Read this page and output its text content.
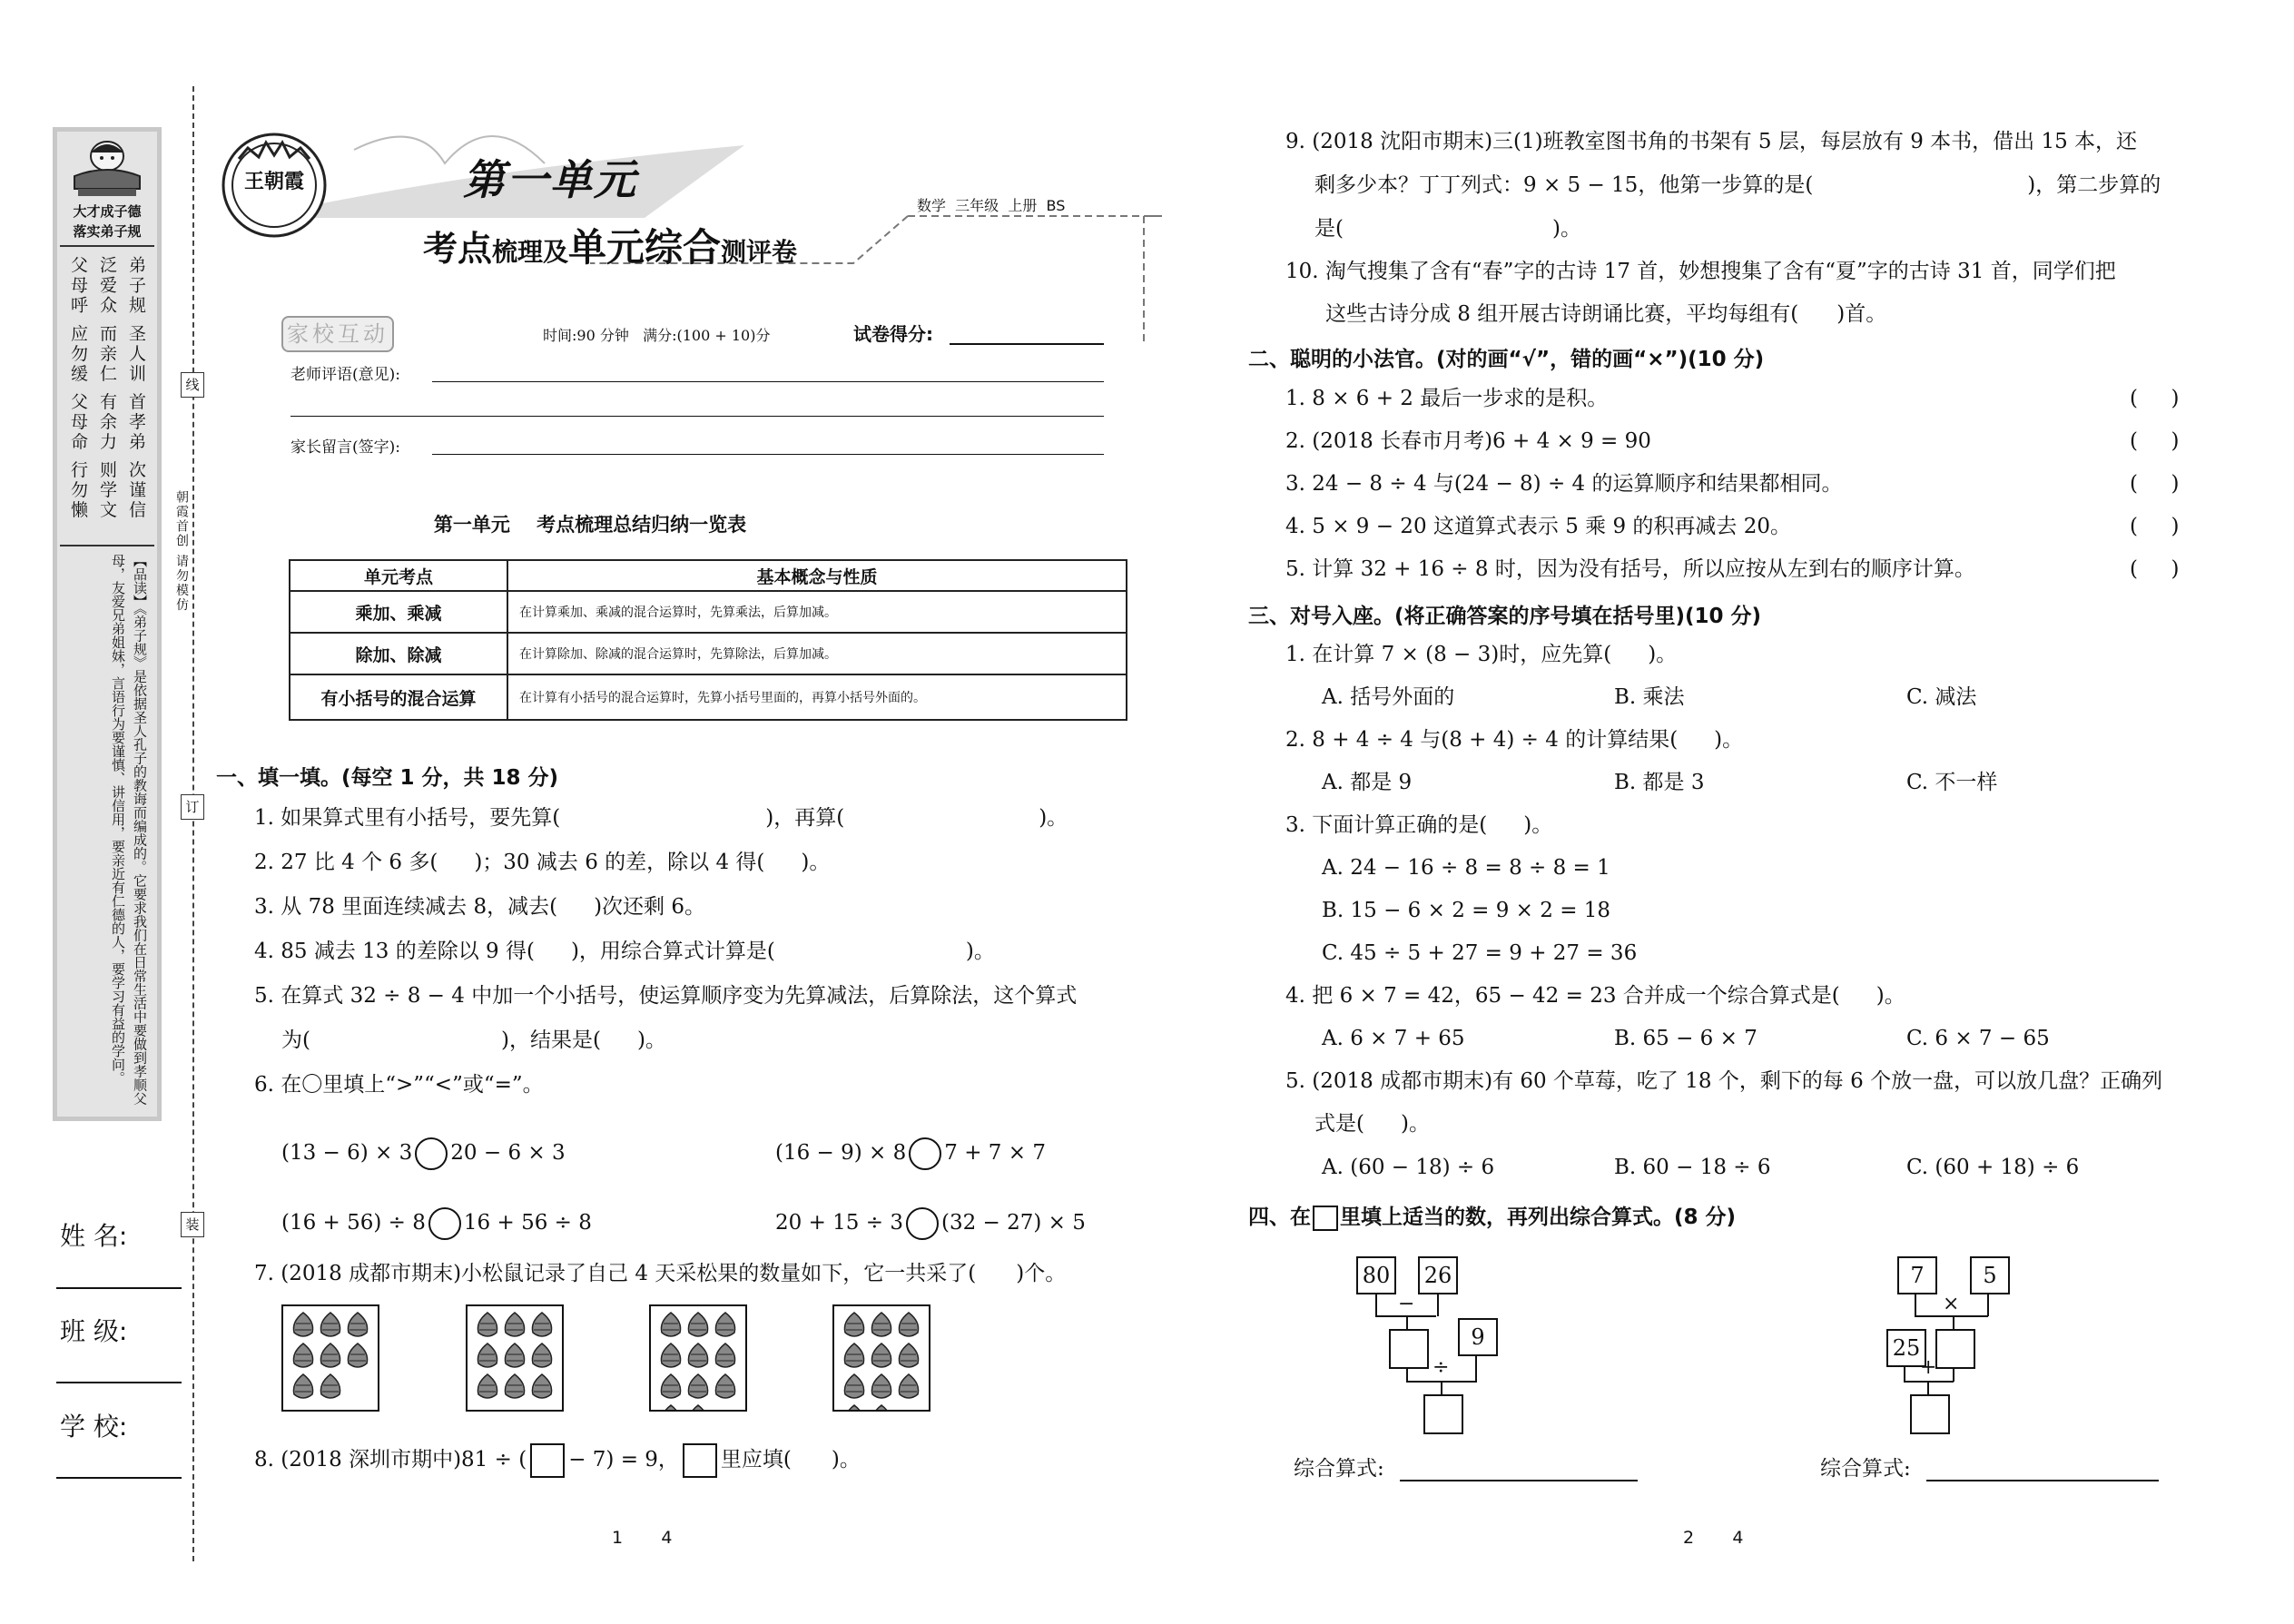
大才成子德
落实弟子规
弟子规 圣人训 首孝弟 次谨信
泛爱众 而亲仁 有余力 则学文
父母呼 应勿缓 父母命 行勿懒
【品读】《弟子规》是依据圣人孔子的教诲而编成的。它要求我们在日常生活中要做到孝顺父母，友爱兄弟姐妹，言语行为要谨慎、讲信用，要亲近有仁德的人，要学习有益的学问。
线
朝霞首创 请勿模仿
订
装
姓 名:
班 级:
学 校:
王朝霞	第一单元
考点梳理及单元综合测评卷
数学  三年级  上册  BS
家校互动	时间:90 分钟   满分:(100 + 10)分	试卷得分:
老师评语(意见):
家长留言(签字):
第一单元    考点梳理总结归纳一览表
单元考点	基本概念与性质
乘加、乘减	在计算乘加、乘减的混合运算时，先算乘法，后算加减。
除加、除减	在计算除加、除减的混合运算时，先算除法，后算加减。
有小括号的混合运算	在计算有小括号的混合运算时，先算小括号里面的，再算小括号外面的。
一、填一填。(每空 1 分，共 18 分)
1. 如果算式里有小括号，要先算(	)，再算(	)。
2. 27 比 4 个 6 多( )；30 减去 6 的差，除以 4 得( )。
3. 从 78 里面连续减去 8，减去( )次还剩 6。
4. 85 减去 13 的差除以 9 得( )，用综合算式计算是(	)。
5. 在算式 32 ÷ 8 − 4 中加一个小括号，使运算顺序变为先算减法，后算除法，这个算式
为(	)，结果是( )。
6. 在〇里填上“>”“<”或“=”。
(13 − 6) × 3 20 − 6 × 3	(16 − 9) × 8 7 + 7 × 7
(16 + 56) ÷ 8 16 + 56 ÷ 8	20 + 15 ÷ 3 (32 − 27) × 5
7. (2018 成都市期末)小松鼠记录了自己 4 天采松果的数量如下，它一共采了( )个。
8. (2018 深圳市期中)81 ÷ ( − 7) = 9， 里应填( )。
1       4
9. (2018 沈阳市期末)三(1)班教室图书角的书架有 5 层，每层放有 9 本书，借出 15 本，还
剩多少本？丁丁列式：9 × 5 − 15，他第一步算的是(	)，第二步算的
是(	)。
10. 淘气搜集了含有“春”字的古诗 17 首，妙想搜集了含有“夏”字的古诗 31 首，同学们把
这些古诗分成 8 组开展古诗朗诵比赛，平均每组有( )首。
二、聪明的小法官。(对的画“√”，错的画“×”)(10 分)
1. 8 × 6 + 2 最后一步求的是积。	(     )
2. (2018 长春市月考)6 + 4 × 9 = 90	(     )
3. 24 − 8 ÷ 4 与(24 − 8) ÷ 4 的运算顺序和结果都相同。	(     )
4. 5 × 9 − 20 这道算式表示 5 乘 9 的积再减去 20。	(     )
5. 计算 32 + 16 ÷ 8 时，因为没有括号，所以应按从左到右的顺序计算。	(     )
三、对号入座。(将正确答案的序号填在括号里)(10 分)
1. 在计算 7 × (8 − 3)时，应先算( )。
A. 括号外面的	B. 乘法	C. 减法
2. 8 + 4 ÷ 4 与(8 + 4) ÷ 4 的计算结果( )。
A. 都是 9	B. 都是 3	C. 不一样
3. 下面计算正确的是( )。
A. 24 − 16 ÷ 8 = 8 ÷ 8 = 1
B. 15 − 6 × 2 = 9 × 2 = 18
C. 45 ÷ 5 + 27 = 9 + 27 = 36
4. 把 6 × 7 = 42，65 − 42 = 23 合并成一个综合算式是( )。
A. 6 × 7 + 65	B. 65 − 6 × 7	C. 6 × 7 − 65
5. (2018 成都市期末)有 60 个草莓，吃了 18 个，剩下的每 6 个放一盘，可以放几盘？正确列
式是( )。
A. (60 − 18) ÷ 6	B. 60 − 18 ÷ 6	C. (60 + 18) ÷ 6
四、在 里填上适当的数，再列出综合算式。(8 分)
80 26
−
9
÷
7	5
×
25
+
综合算式:	综合算式:
2       4
